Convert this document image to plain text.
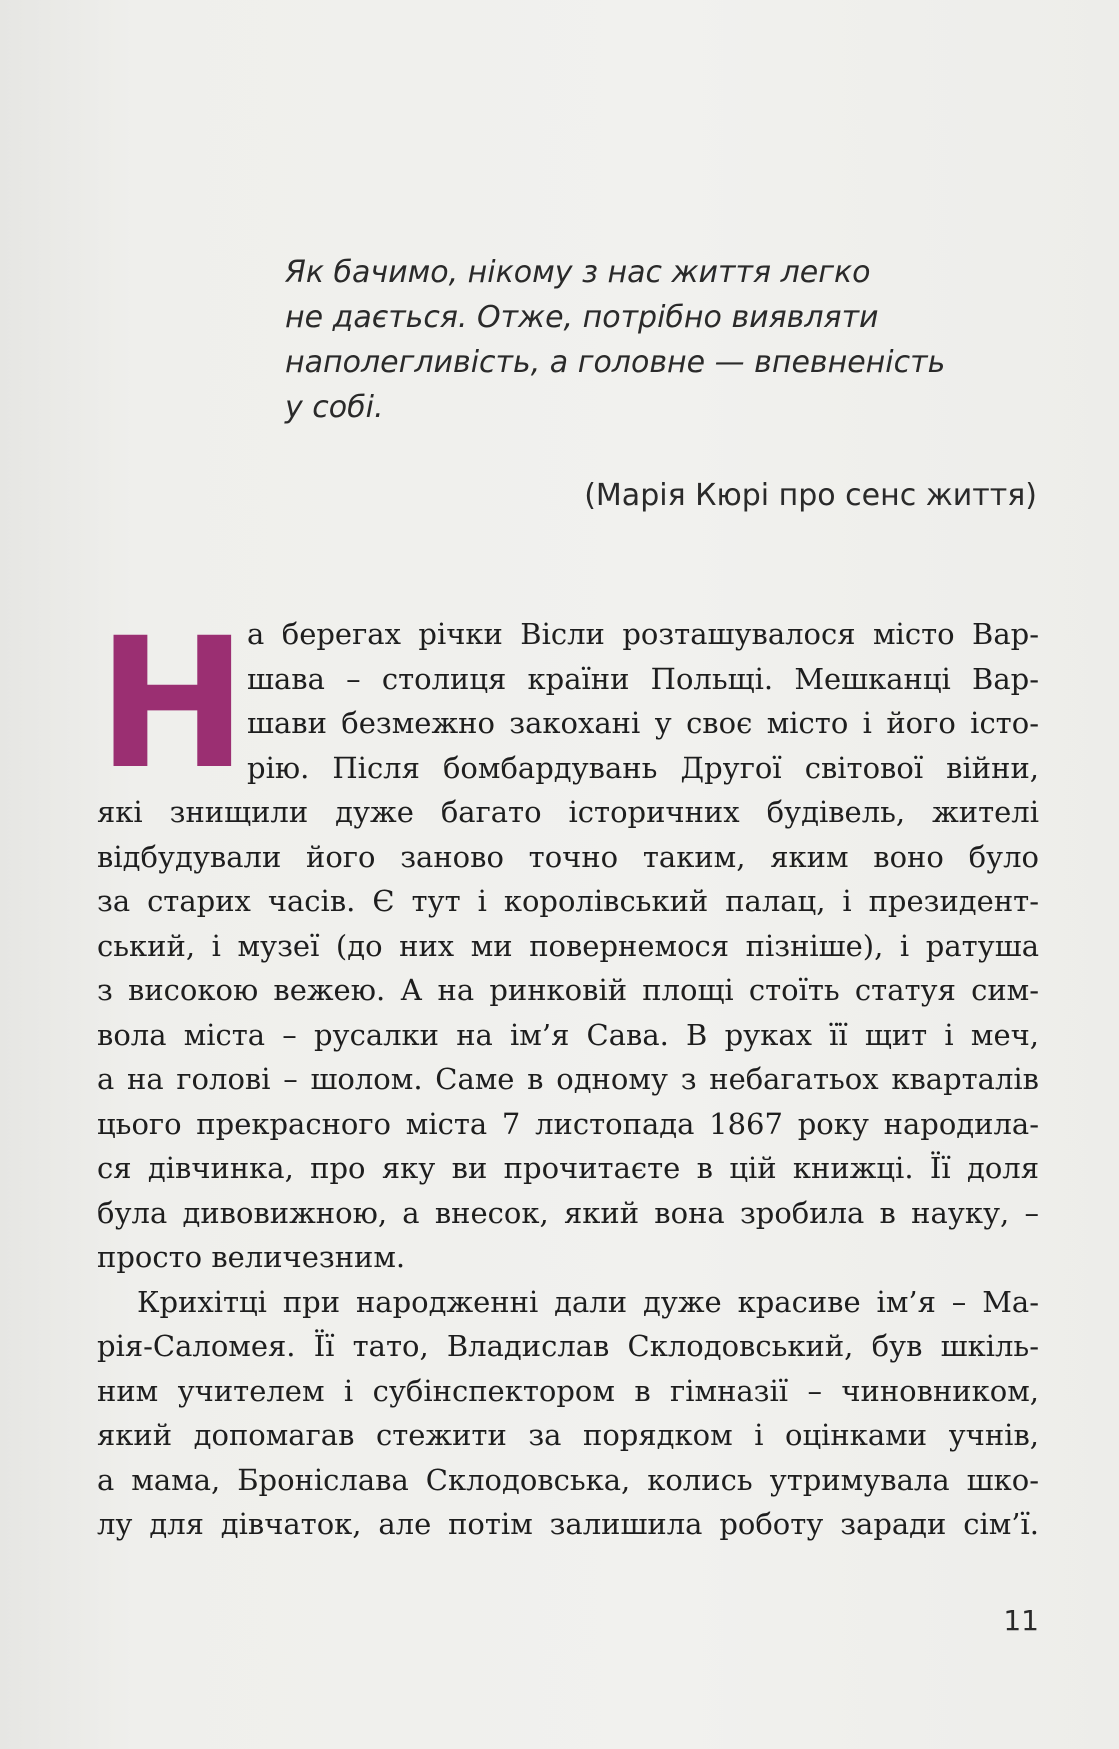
Як бачимо, нікому з нас життя легко
не дається. Отже, потрібно виявляти
наполегливість, а головне — впевненість
у собі.
(Марія Кюрі про сенс життя)
Н а берегах річки Вісли розташувалося місто Вар-
шава – столиця країни Польщі. Мешканці Вар-
шави безмежно закохані у своє місто і його істо-
рію. Після бомбардувань Другої світової війни,
які знищили дуже багато історичних будівель, жителі
відбудували його заново точно таким, яким воно було
за старих часів. Є тут і королівський палац, і президент-
ський, і музеї (до них ми повернемося пізніше), і ратуша
з високою вежею. А на ринковій площі стоїть статуя сим-
вола міста – русалки на ім’я Сава. В руках її щит і меч,
а на голові – шолом. Саме в одному з небагатьох кварталів
цього прекрасного міста 7 листопада 1867 року народила-
ся дівчинка, про яку ви прочитаєте в цій книжці. Її доля
була дивовижною, а внесок, який вона зробила в науку, –
просто величезним.
Крихітці при народженні дали дуже красиве ім’я – Ма-
рія-Саломея. Її тато, Владислав Склодовський, був шкіль-
ним учителем і субінспектором в гімназії – чиновником,
який допомагав стежити за порядком і оцінками учнів,
а мама, Броніслава Склодовська, колись утримувала шко-
лу для дівчаток, але потім залишила роботу заради сім’ї.
11
